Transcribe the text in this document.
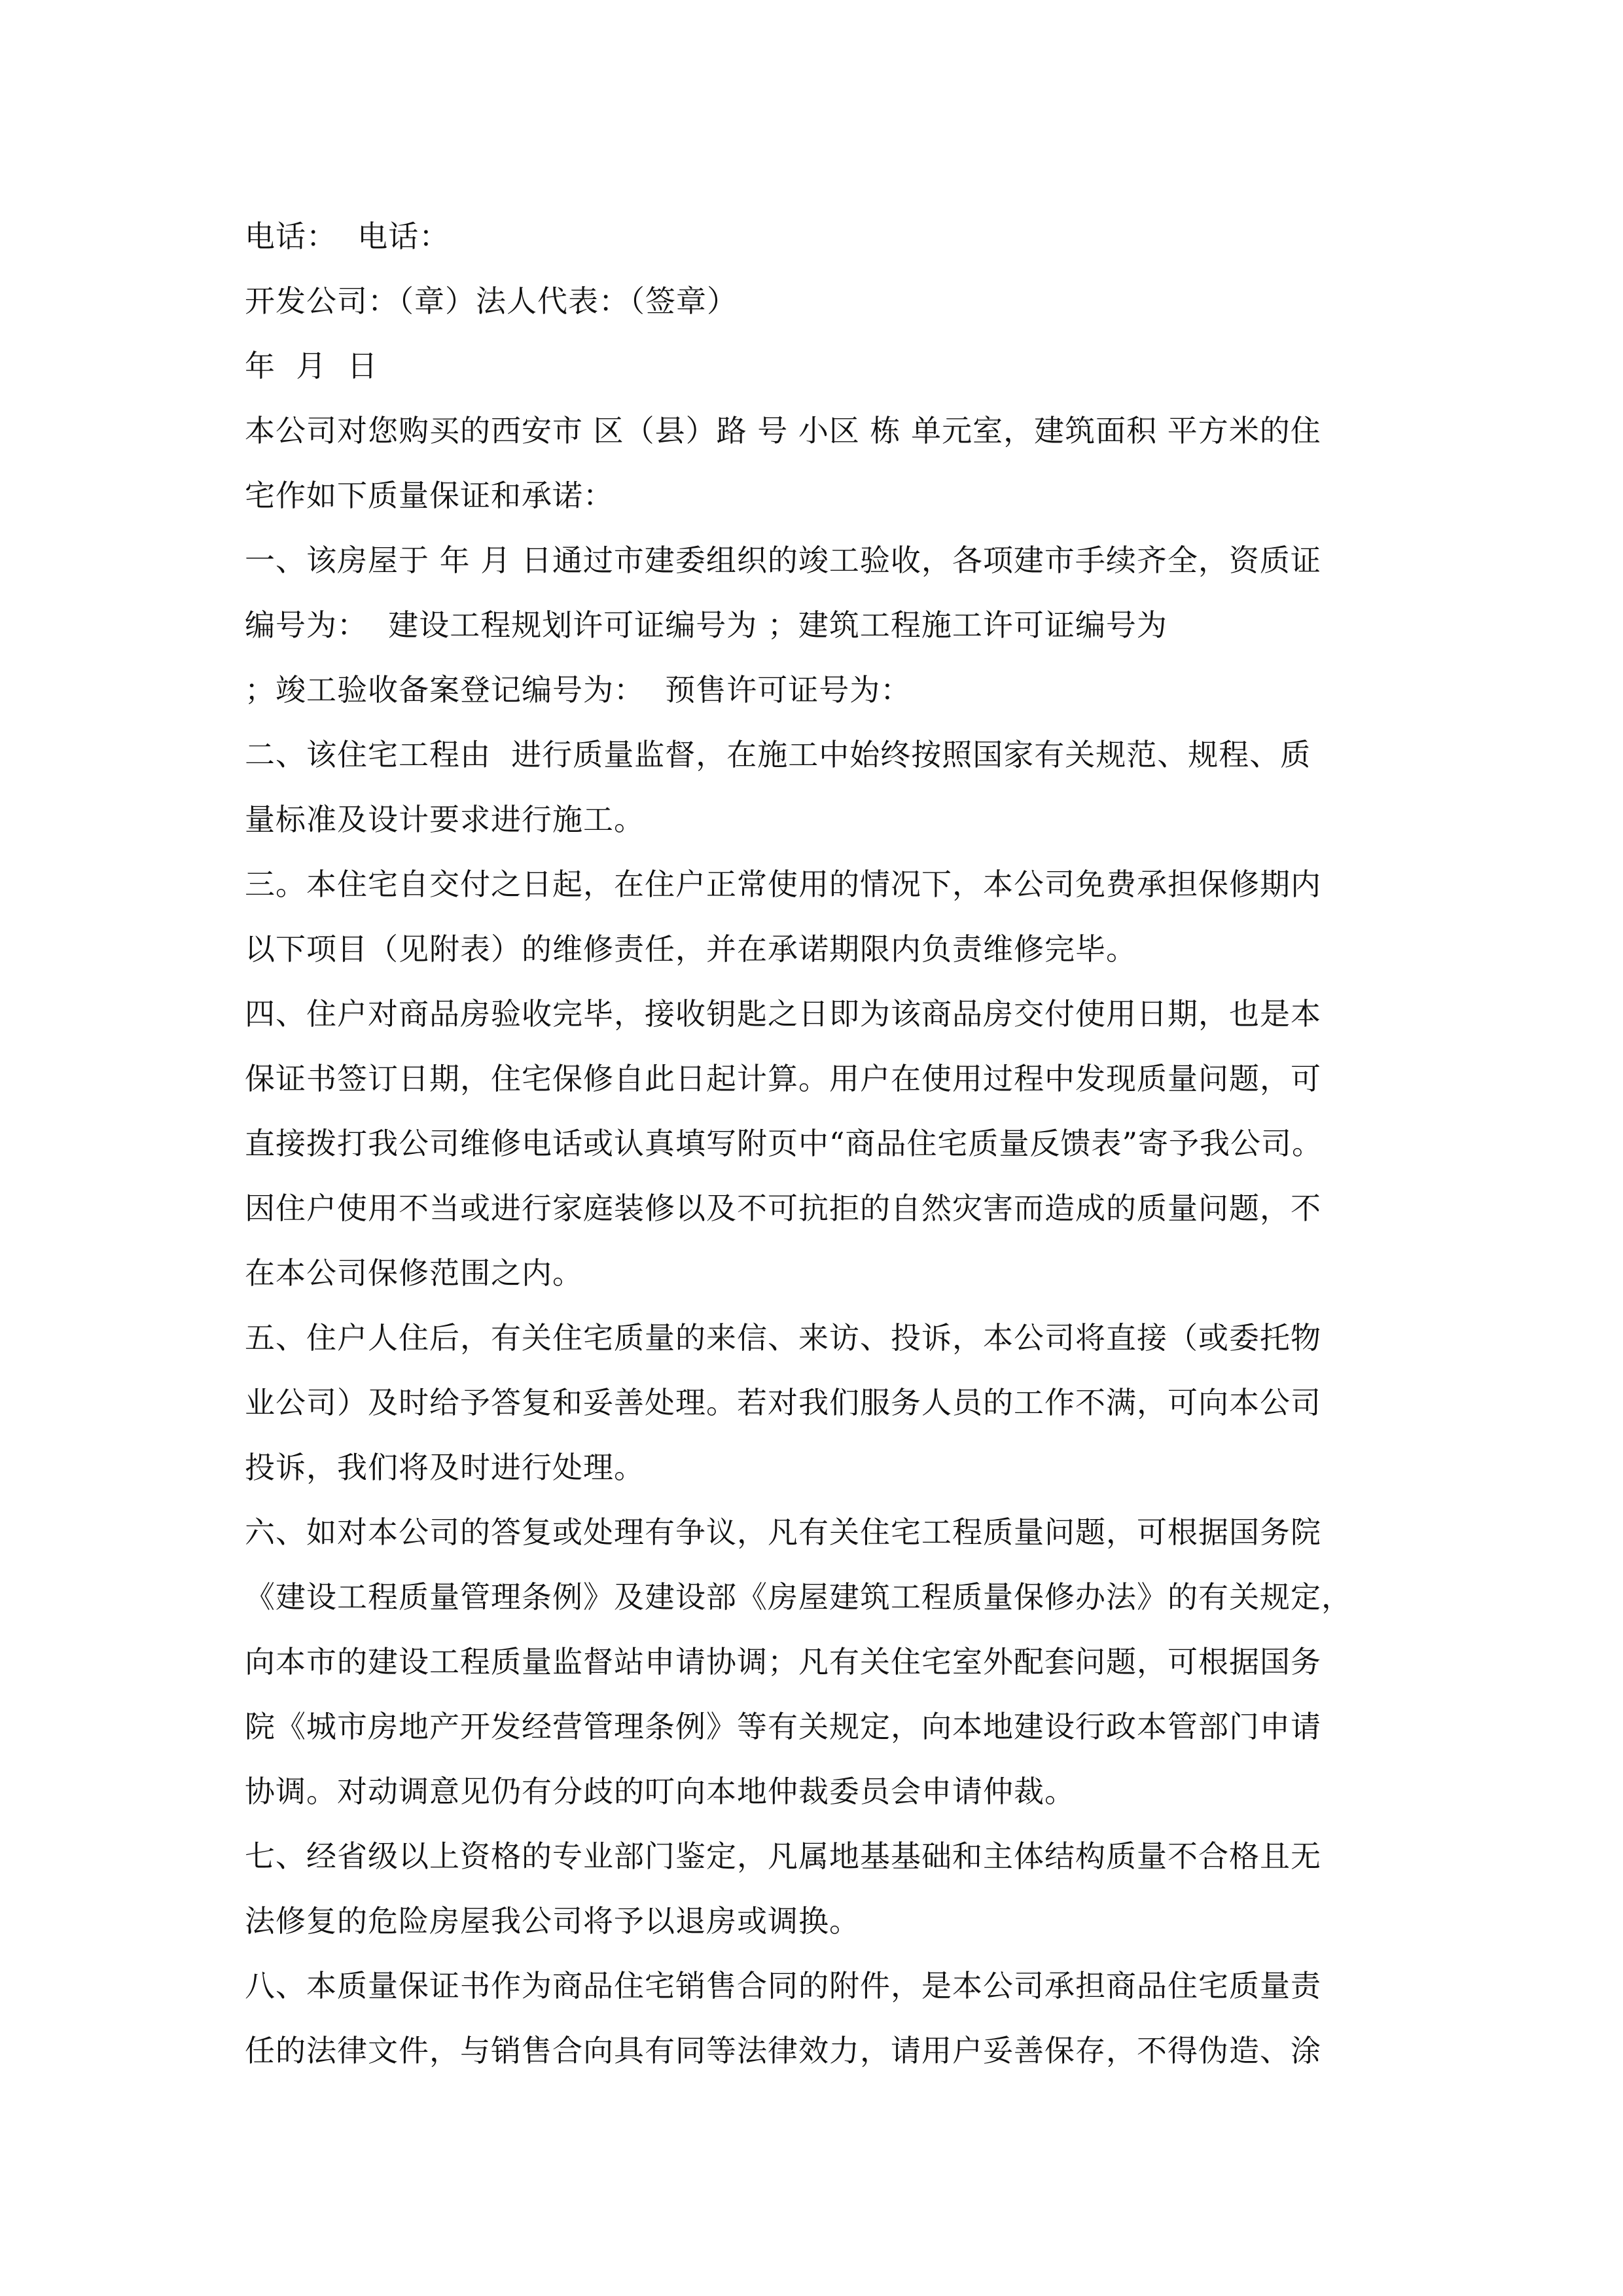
电话：  电话：
开发公司：（章）法人代表：（签章）
年  月  日
本公司对您购买的西安市 区（县）路 号 小区 栋 单元室，建筑面积 平方米的住
宅作如下质量保证和承诺：
一、该房屋于 年 月 日通过市建委组织的竣工验收，各项建市手续齐全，资质证
编号为：  建设工程规划许可证编号为 ；建筑工程施工许可证编号为
；竣工验收备案登记编号为：  预售许可证号为：
二、该住宅工程由  进行质量监督，在施工中始终按照国家有关规范、规程、质
量标准及设计要求进行施工。
三。本住宅自交付之日起，在住户正常使用的情况下，本公司免费承担保修期内
以下项目（见附表）的维修责任，并在承诺期限内负责维修完毕。
四、住户对商品房验收完毕，接收钥匙之日即为该商品房交付使用日期，也是本
保证书签订日期，住宅保修自此日起计算。用户在使用过程中发现质量问题，可
直接拨打我公司维修电话或认真填写附页中“商品住宅质量反馈表”寄予我公司。
因住户使用不当或进行家庭装修以及不可抗拒的自然灾害而造成的质量问题，不
在本公司保修范围之内。
五、住户人住后，有关住宅质量的来信、来访、投诉，本公司将直接（或委托物
业公司）及时给予答复和妥善处理。若对我们服务人员的工作不满，可向本公司
投诉，我们将及时进行处理。
六、如对本公司的答复或处理有争议，凡有关住宅工程质量问题，可根据国务院
《建设工程质量管理条例》及建设部《房屋建筑工程质量保修办法》的有关规定，
向本市的建设工程质量监督站申请协调；凡有关住宅室外配套问题，可根据国务
院《城市房地产开发经营管理条例》等有关规定，向本地建设行政本管部门申请
协调。对动调意见仍有分歧的叮向本地仲裁委员会申请仲裁。
七、经省级以上资格的专业部门鉴定，凡属地基基础和主体结构质量不合格且无
法修复的危险房屋我公司将予以退房或调换。
八、本质量保证书作为商品住宅销售合同的附件，是本公司承担商品住宅质量责
任的法律文件，与销售合向具有同等法律效力，请用户妥善保存，不得伪造、涂
